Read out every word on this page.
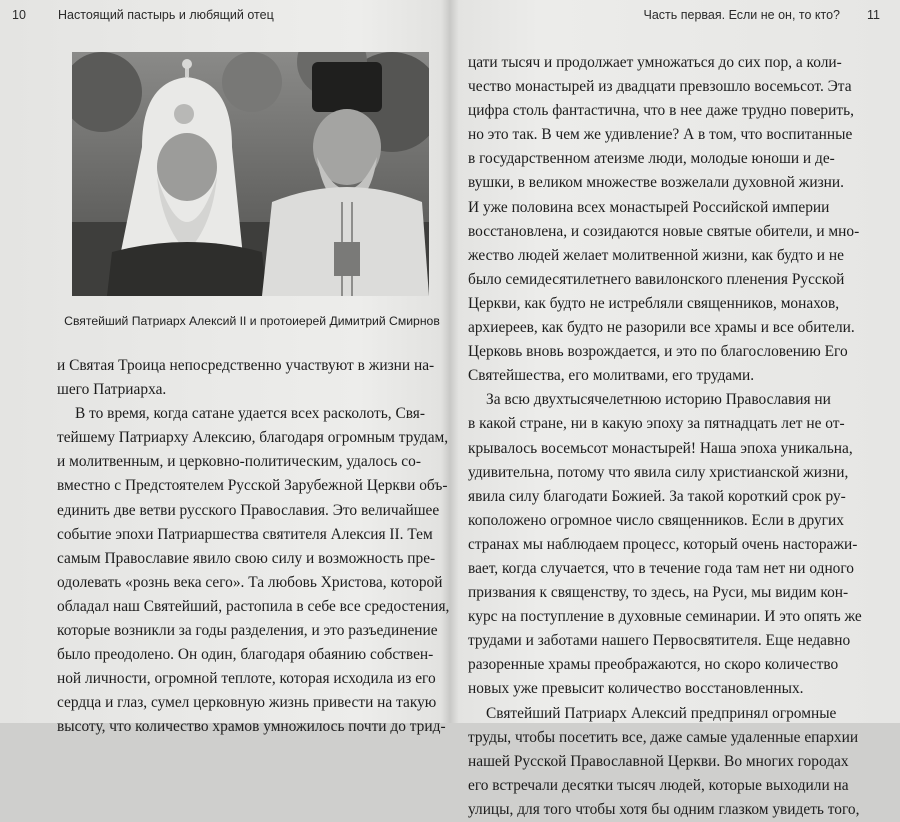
10	Настоящий пастырь и любящий отец
Святейший Патриарх Алексий II и протоиерей Димитрий Смирнов
и Святая Троица непосредственно участвуют в жизни на-
шего Патриарха.
В то время, когда сатане удается всех расколоть, Свя-
тейшему Патриарху Алексию, благодаря огромным трудам,
и молитвенным, и церковно-политическим, удалось со-
вместно с Предстоятелем Русской Зарубежной Церкви объ-
единить две ветви русского Православия. Это величайшее
событие эпохи Патриаршества святителя Алексия II. Тем
самым Православие явило свою силу и возможность пре-
одолевать «рознь века сего». Та любовь Христова, которой
обладал наш Святейший, растопила в себе все средостения,
которые возникли за годы разделения, и это разъединение
было преодолено. Он один, благодаря обаянию собствен-
ной личности, огромной теплоте, которая исходила из его
сердца и глаз, сумел церковную жизнь привести на такую
высоту, что количество храмов умножилось почти до трид-
Часть первая. Если не он, то кто? 11
цати тысяч и продолжает умножаться до сих пор, а коли-
чество монастырей из двадцати превзошло восемьсот. Эта
цифра столь фантастична, что в нее даже трудно поверить,
но это так. В чем же удивление? А в том, что воспитанные
в государственном атеизме люди, молодые юноши и де-
вушки, в великом множестве возжелали духовной жизни.
И уже половина всех монастырей Российской империи
восстановлена, и созидаются новые святые обители, и мно-
жество людей желает молитвенной жизни, как будто и не
было семидесятилетнего вавилонского пленения Русской
Церкви, как будто не истребляли священников, монахов,
архиереев, как будто не разорили все храмы и все обители.
Церковь вновь возрождается, и это по благословению Его
Святейшества, его молитвами, его трудами.
За всю двухтысячелетнюю историю Православия ни
в какой стране, ни в какую эпоху за пятнадцать лет не от-
крывалось восемьсот монастырей! Наша эпоха уникальна,
удивительна, потому что явила силу христианской жизни,
явила силу благодати Божией. За такой короткий срок ру-
коположено огромное число священников. Если в других
странах мы наблюдаем процесс, который очень насторажи-
вает, когда случается, что в течение года там нет ни одного
призвания к священству, то здесь, на Руси, мы видим кон-
курс на поступление в духовные семинарии. И это опять же
трудами и заботами нашего Первосвятителя. Еще недавно
разоренные храмы преображаются, но скоро количество
новых уже превысит количество восстановленных.
Святейший Патриарх Алексий предпринял огромные
труды, чтобы посетить все, даже самые удаленные епархии
нашей Русской Православной Церкви. Во многих городах
его встречали десятки тысяч людей, которые выходили на
улицы, для того чтобы хотя бы одним глазком увидеть того,
